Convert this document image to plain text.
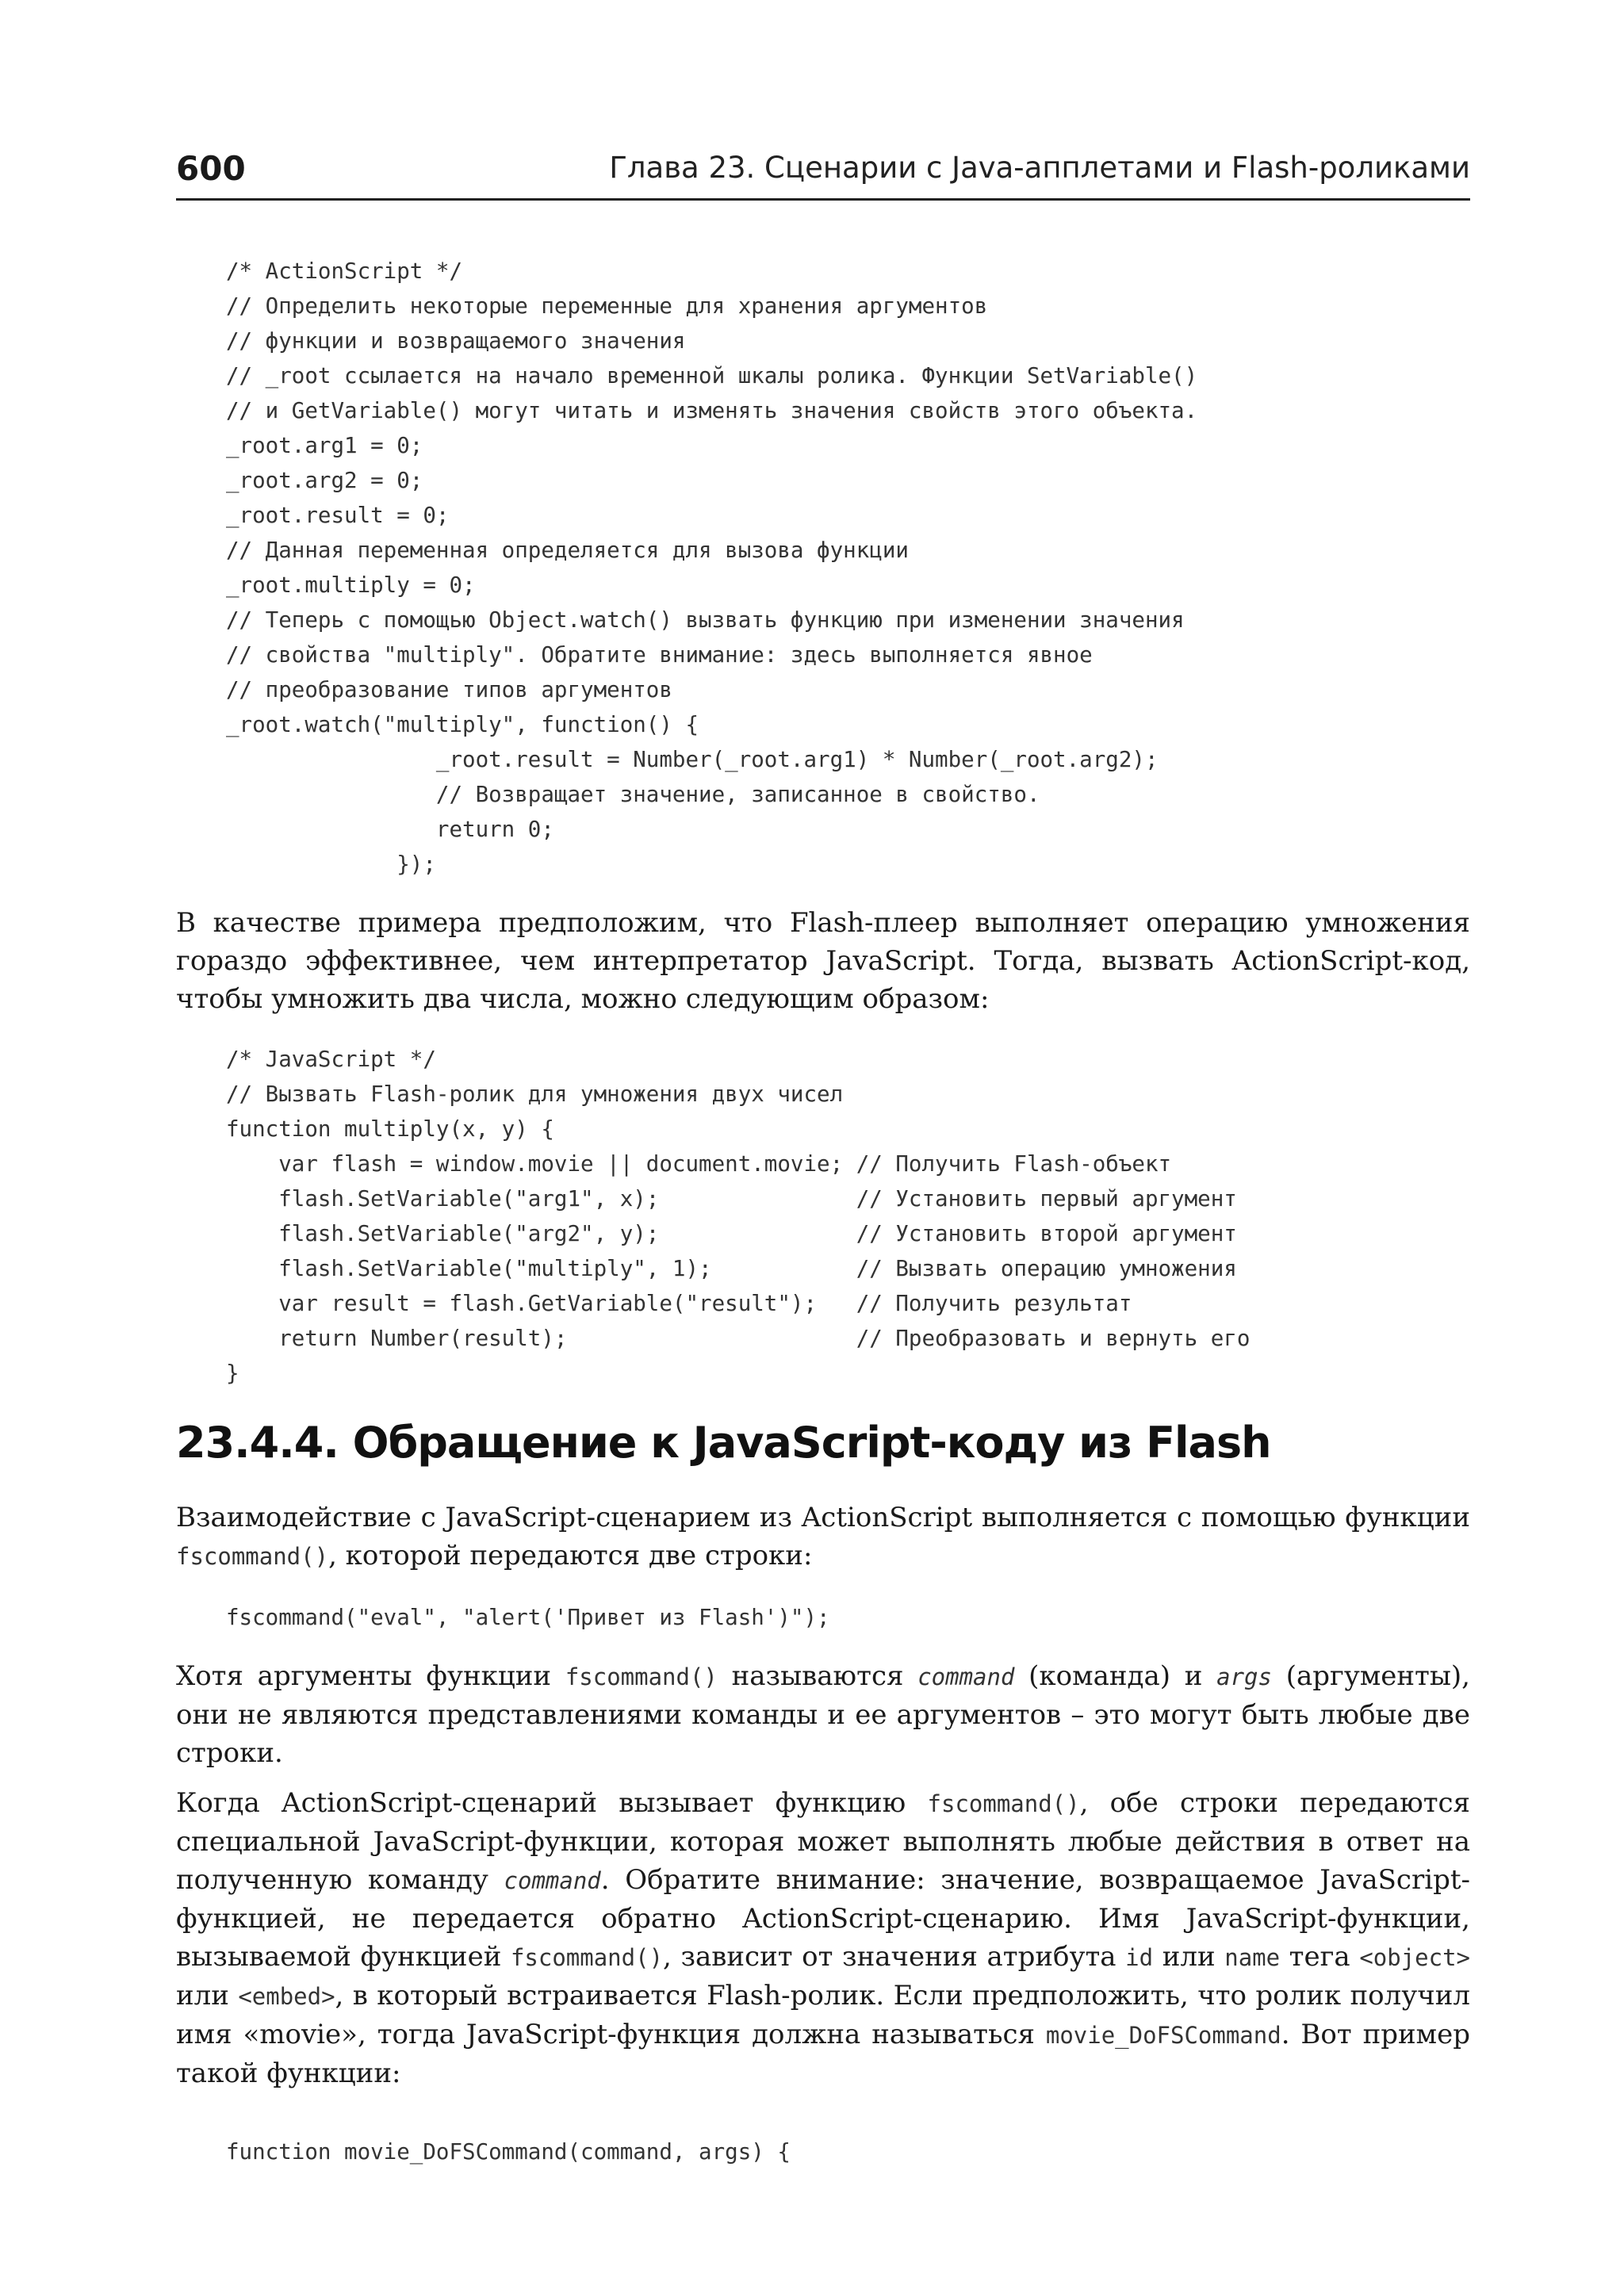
600	Глава 23. Сценарии с Java-апплетами и Flash-роликами
/* ActionScript */
// Определить некоторые переменные для хранения аргументов
// функции и возвращаемого значения
// _root ссылается на начало временной шкалы ролика. Функции SetVariable()
// и GetVariable() могут читать и изменять значения свойств этого объекта.
_root.arg1 = 0;
_root.arg2 = 0;
_root.result = 0;
// Данная переменная определяется для вызова функции
_root.multiply = 0;
// Теперь с помощью Object.watch() вызвать функцию при изменении значения
// свойства "multiply". Обратите внимание: здесь выполняется явное
// преобразование типов аргументов
_root.watch("multiply", function() {
_root.result = Number(_root.arg1) * Number(_root.arg2);
// Возвращает значение, записанное в свойство.
return 0;
});

В качестве примера предположим, что Flash-плеер выполняет операцию умножения гораздо эффективнее, чем интерпретатор JavaScript. Тогда, вызвать ActionScript-код, чтобы умножить два числа, можно следующим образом:

/* JavaScript */
// Вызвать Flash-ролик для умножения двух чисел
function multiply(x, y) {
var flash = window.movie || document.movie; // Получить Flash-объект
flash.SetVariable("arg1", x);               // Установить первый аргумент
flash.SetVariable("arg2", y);               // Установить второй аргумент
flash.SetVariable("multiply", 1);           // Вызвать операцию умножения
var result = flash.GetVariable("result");   // Получить результат
return Number(result);                      // Преобразовать и вернуть его
}
23.4.4. Обращение к JavaScript-коду из Flash

Взаимодействие с JavaScript-сценарием из ActionScript выполняется с помощью функции fscommand(), которой передаются две строки:

fscommand("eval", "alert('Привет из Flash')");

Хотя аргументы функции fscommand() называются command (команда) и args (аргументы), они не являются представлениями команды и ее аргументов – это могут быть любые две строки.

Когда ActionScript-сценарий вызывает функцию fscommand(), обе строки передаются специальной JavaScript-функции, которая может выполнять любые действия в ответ на полученную команду command. Обратите внимание: значение, возвращаемое JavaScript-функцией, не передается обратно ActionScript-сценарию. Имя JavaScript-функции, вызываемой функцией fscommand(), зависит от значения атрибута id или name тега <object> или <embed>, в который встраивается Flash-ролик. Если предположить, что ролик получил имя «movie», тогда JavaScript-функция должна называться movie_DoFSCommand. Вот пример такой функции:

function movie_DoFSCommand(command, args) {
